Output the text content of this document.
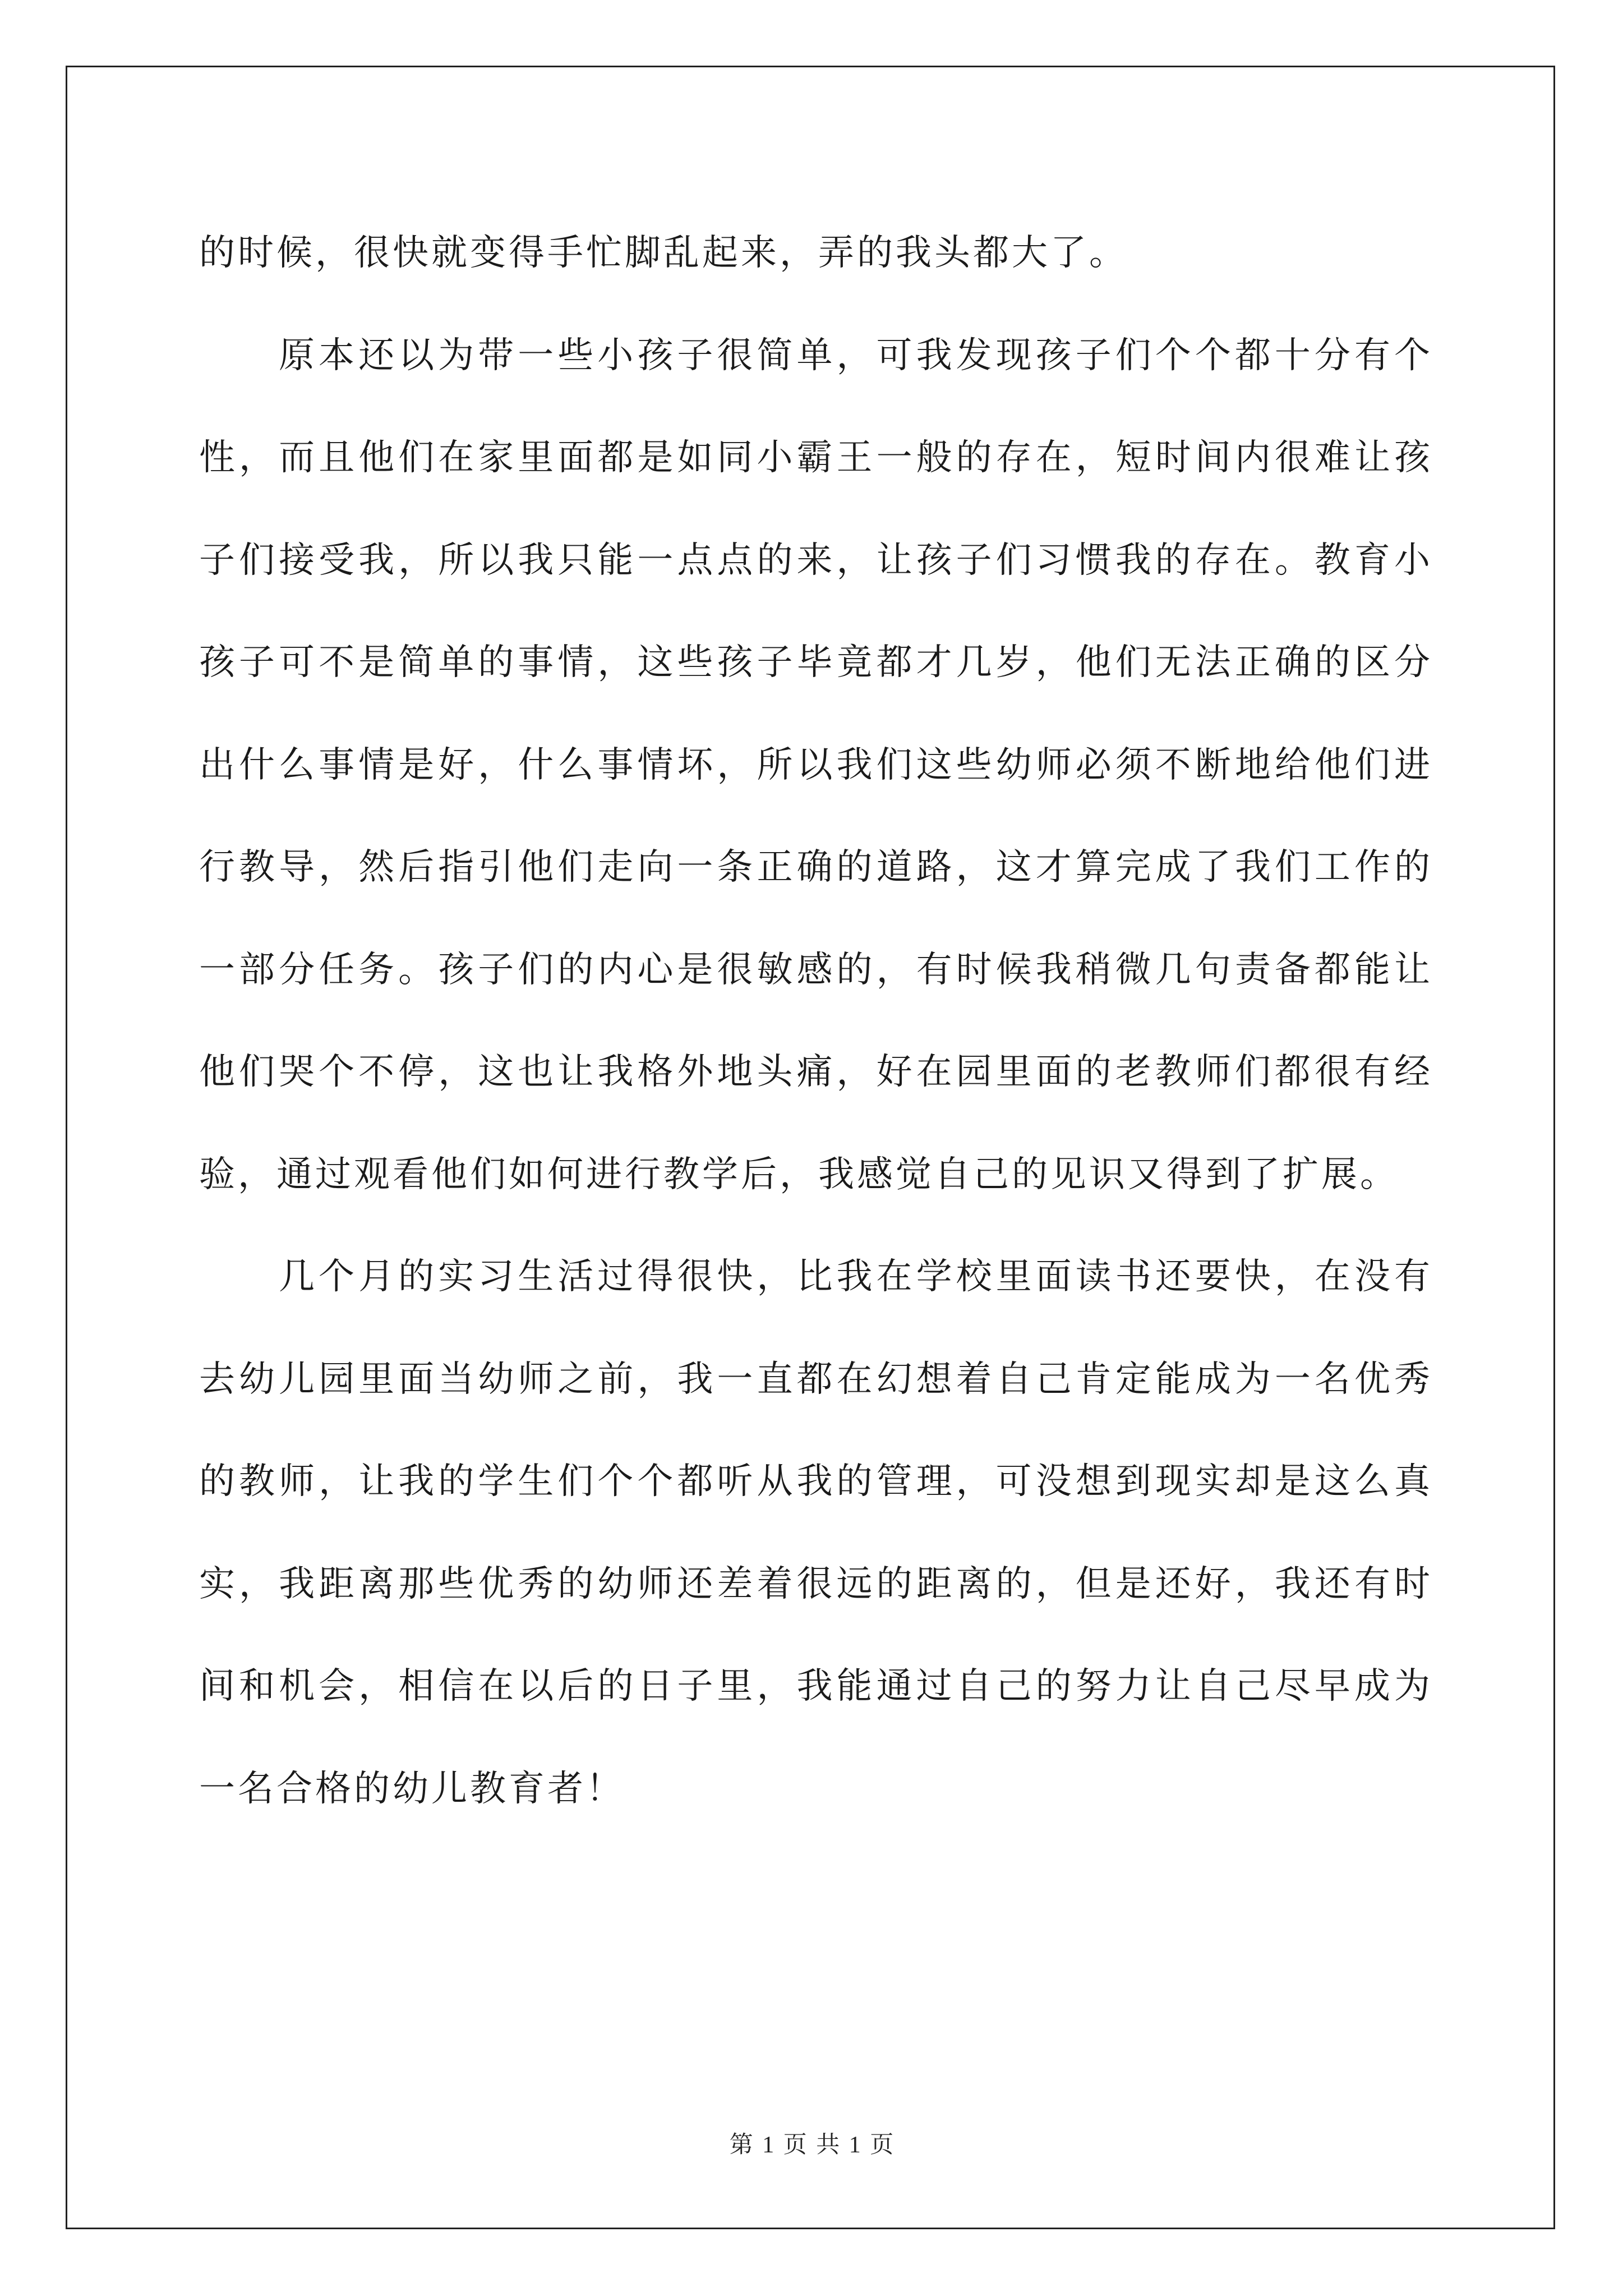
的时候，很快就变得手忙脚乱起来，弄的我头都大了。

原本还以为带一些小孩子很简单，可我发现孩子们个个都十分有个性，而且他们在家里面都是如同小霸王一般的存在，短时间内很难让孩子们接受我，所以我只能一点点的来，让孩子们习惯我的存在。教育小孩子可不是简单的事情，这些孩子毕竟都才几岁，他们无法正确的区分出什么事情是好，什么事情坏，所以我们这些幼师必须不断地给他们进行教导，然后指引他们走向一条正确的道路，这才算完成了我们工作的一部分任务。孩子们的内心是很敏感的，有时候我稍微几句责备都能让他们哭个不停，这也让我格外地头痛，好在园里面的老教师们都很有经验，通过观看他们如何进行教学后，我感觉自己的见识又得到了扩展。

几个月的实习生活过得很快，比我在学校里面读书还要快，在没有去幼儿园里面当幼师之前，我一直都在幻想着自己肯定能成为一名优秀的教师，让我的学生们个个都听从我的管理，可没想到现实却是这么真实，我距离那些优秀的幼师还差着很远的距离的，但是还好，我还有时间和机会，相信在以后的日子里，我能通过自己的努力让自己尽早成为一名合格的幼儿教育者！

第 1 页 共 1 页
